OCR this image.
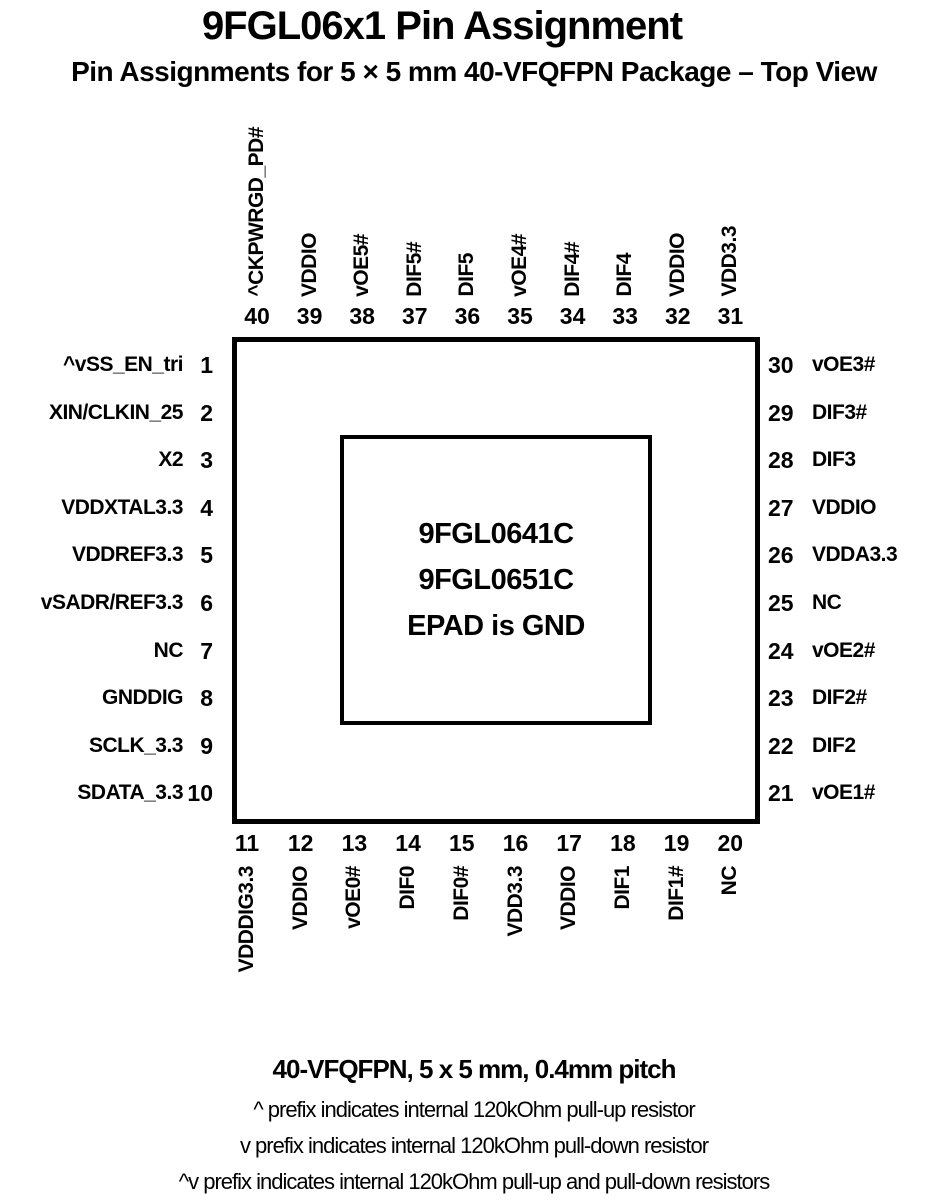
9FGL06x1 Pin Assignment
Pin Assignments for 5 × 5 mm 40-VFQFPN Package – Top View
9FGL0641C
9FGL0651C
EPAD is GND
40
^CKPWRGD_PD#
39
VDDIO
38
vOE5#
37
DIF5#
36
DIF5
35
vOE4#
34
DIF4#
33
DIF4
32
VDDIO
31
VDD3.3
11
VDDDIG3.3
12
VDDIO
13
vOE0#
14
DIF0
15
DIF0#
16
VDD3.3
17
VDDIO
18
DIF1
19
DIF1#
20
NC
^vSS_EN_tri 1
XIN/CLKIN_25 2
X2 3
VDDXTAL3.3 4
VDDREF3.3 5
vSADR/REF3.3 6
NC 7
GNDDIG 8
SCLK_3.3 9
SDATA_3.3 10
30 vOE3#
29 DIF3#
28 DIF3
27 VDDIO
26 VDDA3.3
25 NC
24 vOE2#
23 DIF2#
22 DIF2
21 vOE1#
40-VFQFPN, 5 x 5 mm, 0.4mm pitch
^ prefix indicates internal 120kOhm pull-up resistor
v prefix indicates internal 120kOhm pull-down resistor
^v prefix indicates internal 120kOhm pull-up and pull-down resistors
